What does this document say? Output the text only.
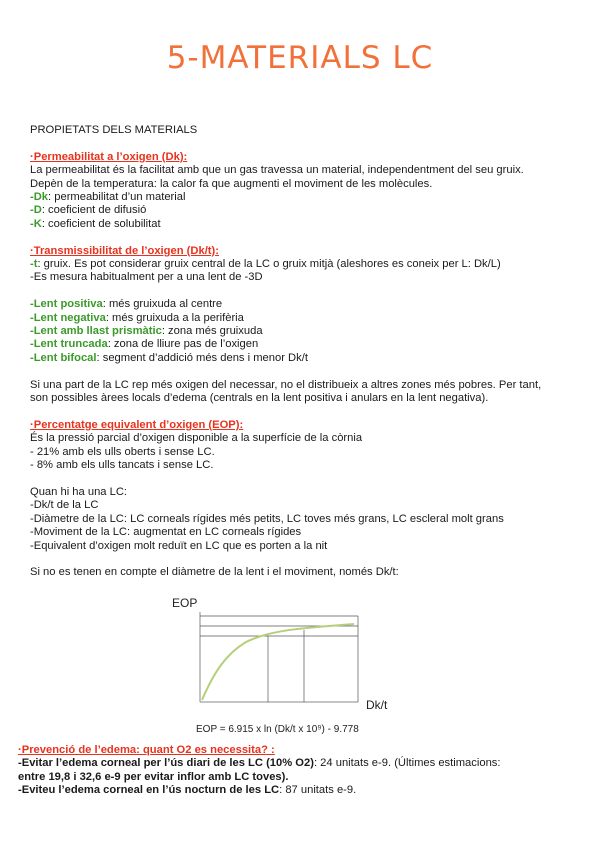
5-MATERIALS LC
PROPIETATS DELS MATERIALS
·Permeabilitat a l’oxigen (Dk):
La permeabilitat és la facilitat amb que un gas travessa un material, independentment del seu gruix.
Depèn de la temperatura: la calor fa que augmenti el moviment de les molècules.
-Dk: permeabilitat d’un material
-D: coeficient de difusió
-K: coeficient de solubilitat
·Transmissibilitat de l’oxigen (Dk/t):
-t: gruix. Es pot considerar gruix central de la LC o gruix mitjà (aleshores es coneix per L: Dk/L)
-Es mesura habitualment per a una lent de -3D
-Lent positiva: més gruixuda al centre
-Lent negativa: més gruixuda a la perifèria
-Lent amb llast prismàtic: zona més gruixuda
-Lent truncada: zona de lliure pas de l’oxigen
-Lent bifocal: segment d’addició més dens i menor Dk/t
Si una part de la LC rep més oxigen del necessar, no el distribueix a altres zones més pobres. Per tant,
son possibles àrees locals d’edema (centrals en la lent positiva i anulars en la lent negativa).
·Percentatge equivalent d’oxigen (EOP):
És la pressió parcial d’oxigen disponible a la superfície de la còrnia
- 21% amb els ulls oberts i sense LC.
- 8% amb els ulls tancats i sense LC.
Quan hi ha una LC:
-Dk/t de la LC
-Diàmetre de la LC: LC corneals rígides més petits, LC toves més grans, LC escleral molt grans
-Moviment de la LC: augmentat en LC corneals rígides
-Equivalent d’oxigen molt reduït en LC que es porten a la nit
Si no es tenen en compte el diàmetre de la lent i el moviment, només Dk/t:
EOP
Dk/t
EOP = 6.915 x ln (Dk/t x 10⁹) - 9.778
·Prevenció de l’edema: quant O2 es necessita? :
-Evitar l’edema corneal per l’ús diari de les LC (10% O2): 24 unitats e-9. (Últimes estimacions:
entre 19,8 i 32,6 e-9 per evitar inflor amb LC toves).
-Eviteu l’edema corneal en l’ús nocturn de les LC: 87 unitats e-9.
